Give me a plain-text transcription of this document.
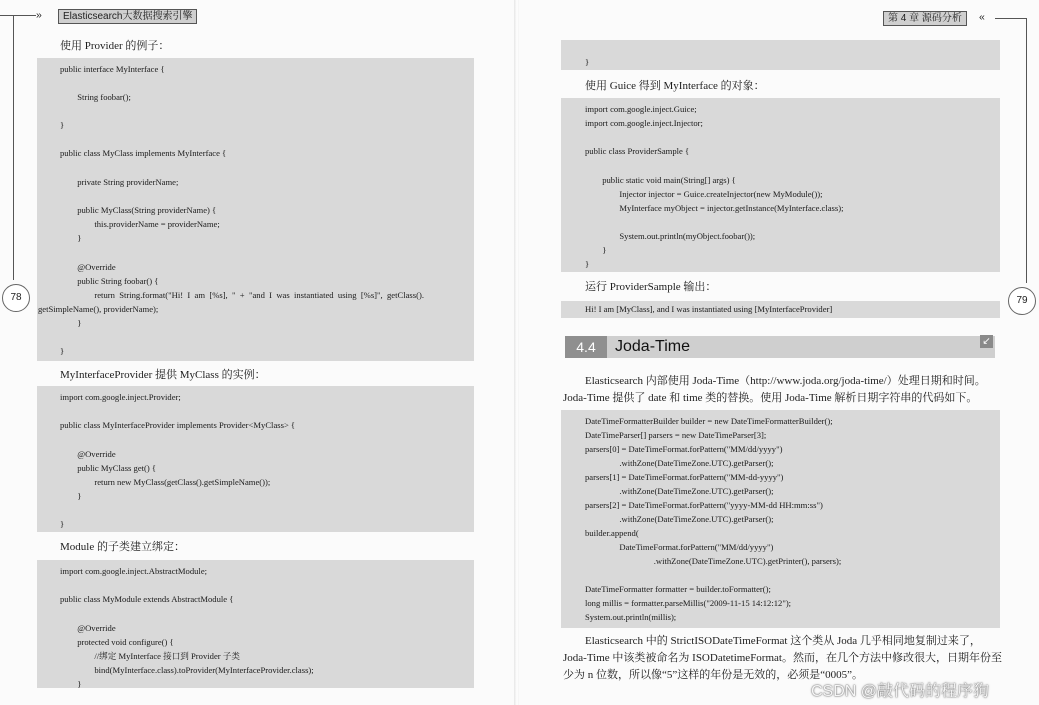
»	Elasticsearch大数据搜索引擎
78
使用 Provider 的例子：
public interface MyInterface {
String foobar();
}
public class MyClass implements MyInterface {
private String providerName;
public MyClass(String providerName) {
this.providerName = providerName;
}
@Override
public String foobar() {
return  String.format("Hi!  I  am  [%s],  "  +  "and  I  was  instantiated  using  [%s]",  getClass().
getSimpleName(), providerName);
}
}
MyInterfaceProvider 提供 MyClass 的实例：
import com.google.inject.Provider;
public class MyInterfaceProvider implements Provider<MyClass> {
@Override
public MyClass get() {
return new MyClass(getClass().getSimpleName());
}
}
Module 的子类建立绑定：
import com.google.inject.AbstractModule;
public class MyModule extends AbstractModule {
@Override
protected void configure() {
//绑定 MyInterface 接口到 Provider 子类
bind(MyInterface.class).toProvider(MyInterfaceProvider.class);
}
第 4 章 源码分析	«
79
}
使用 Guice 得到 MyInterface 的对象：
import com.google.inject.Guice;
import com.google.inject.Injector;
public class ProviderSample {
public static void main(String[] args) {
Injector injector = Guice.createInjector(new MyModule());
MyInterface myObject = injector.getInstance(MyInterface.class);
System.out.println(myObject.foobar());
}
}
运行 ProviderSample 输出：
Hi! I am [MyClass], and I was instantiated using [MyInterfaceProvider]
4.4	Joda-Time	↙
Elasticsearch 内部使用 Joda-Time（http://www.joda.org/joda-time/）处理日期和时间。
Joda-Time 提供了 date 和 time 类的替换。使用 Joda-Time 解析日期字符串的代码如下。
DateTimeFormatterBuilder builder = new DateTimeFormatterBuilder();
DateTimeParser[] parsers = new DateTimeParser[3];
parsers[0] = DateTimeFormat.forPattern("MM/dd/yyyy")
.withZone(DateTimeZone.UTC).getParser();
parsers[1] = DateTimeFormat.forPattern("MM-dd-yyyy")
.withZone(DateTimeZone.UTC).getParser();
parsers[2] = DateTimeFormat.forPattern("yyyy-MM-dd HH:mm:ss")
.withZone(DateTimeZone.UTC).getParser();
builder.append(
DateTimeFormat.forPattern("MM/dd/yyyy")
.withZone(DateTimeZone.UTC).getPrinter(), parsers);
DateTimeFormatter formatter = builder.toFormatter();
long millis = formatter.parseMillis("2009-11-15 14:12:12");
System.out.println(millis);
Elasticsearch 中的 StrictISODateTimeFormat 这个类从 Joda 几乎相同地复制过来了，
Joda-Time 中该类被命名为 ISODatetimeFormat。然而，在几个方法中修改很大，日期年份至
少为 n 位数，所以像“5”这样的年份是无效的，必须是“0005”。
CSDN @敲代码的程序狗
